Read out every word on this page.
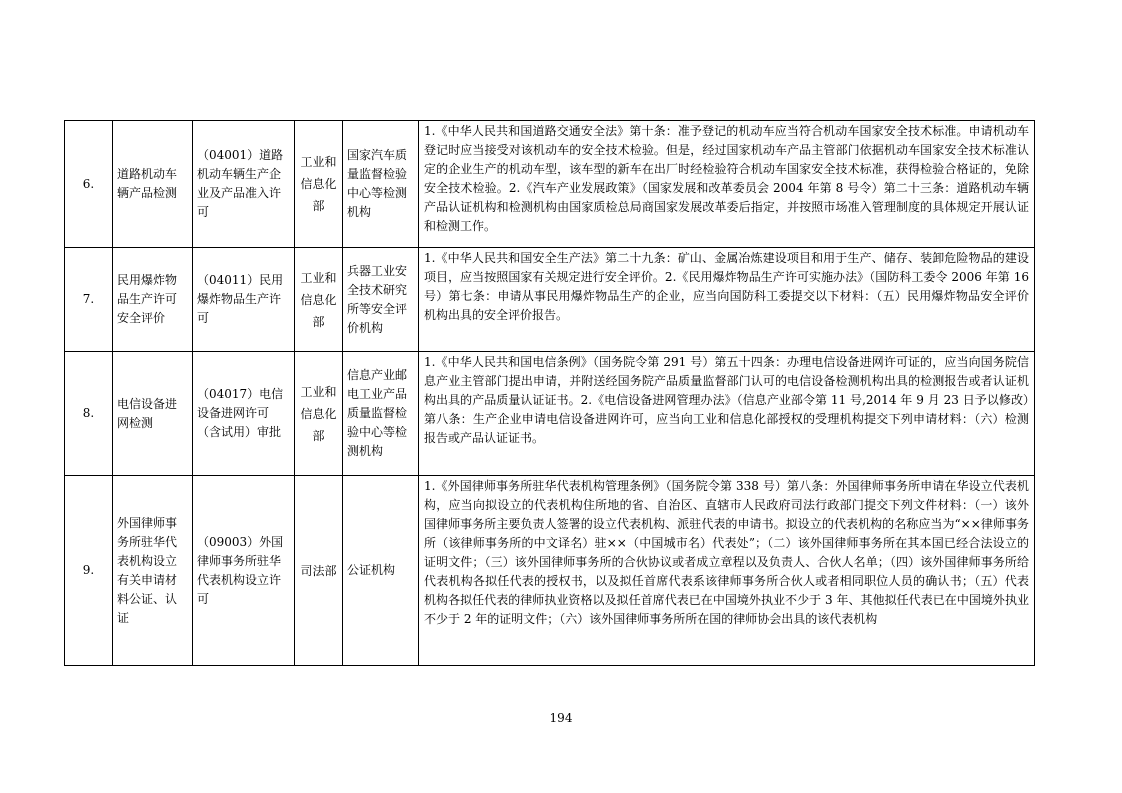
6.	道路机动车辆产品检测	（04001）道路机动车辆生产企业及产品准入许可	工业和信息化部	国家汽车质量监督检验中心等检测机构	1.《中华人民共和国道路交通安全法》第十条：准予登记的机动车应当符合机动车国家安全技术标准。申请机动车登记时应当接受对该机动车的安全技术检验。但是，经过国家机动车产品主管部门依据机动车国家安全技术标准认定的企业生产的机动车型，该车型的新车在出厂时经检验符合机动车国家安全技术标准，获得检验合格证的，免除安全技术检验。2.《汽车产业发展政策》（国家发展和改革委员会 2004 年第 8 号令）第二十三条：道路机动车辆产品认证机构和检测机构由国家质检总局商国家发展改革委后指定，并按照市场准入管理制度的具体规定开展认证和检测工作。
7.	民用爆炸物品生产许可安全评价	（04011）民用爆炸物品生产许可	工业和信息化部	兵器工业安全技术研究所等安全评价机构	1.《中华人民共和国安全生产法》第二十九条：矿山、金属冶炼建设项目和用于生产、储存、装卸危险物品的建设项目，应当按照国家有关规定进行安全评价。2.《民用爆炸物品生产许可实施办法》（国防科工委令 2006 年第 16 号）第七条：申请从事民用爆炸物品生产的企业，应当向国防科工委提交以下材料：（五）民用爆炸物品安全评价机构出具的安全评价报告。
8.	电信设备进网检测	（04017）电信设备进网许可（含试用）审批	工业和信息化部	信息产业邮电工业产品质量监督检验中心等检测机构	1.《中华人民共和国电信条例》（国务院令第 291 号）第五十四条：办理电信设备进网许可证的，应当向国务院信息产业主管部门提出申请，并附送经国务院产品质量监督部门认可的电信设备检测机构出具的检测报告或者认证机构出具的产品质量认证证书。2.《电信设备进网管理办法》（信息产业部令第 11 号,2014 年 9 月 23 日予以修改）第八条：生产企业申请电信设备进网许可，应当向工业和信息化部授权的受理机构提交下列申请材料：（六）检测报告或产品认证证书。
9.	外国律师事务所驻华代表机构设立有关申请材料公证、认证	（09003）外国律师事务所驻华代表机构设立许可	司法部	公证机构	1.《外国律师事务所驻华代表机构管理条例》（国务院令第 338 号）第八条：外国律师事务所申请在华设立代表机构，应当向拟设立的代表机构住所地的省、自治区、直辖市人民政府司法行政部门提交下列文件材料：（一）该外国律师事务所主要负责人签署的设立代表机构、派驻代表的申请书。拟设立的代表机构的名称应当为“××律师事务所（该律师事务所的中文译名）驻××（中国城市名）代表处”；（二）该外国律师事务所在其本国已经合法设立的证明文件；（三）该外国律师事务所的合伙协议或者成立章程以及负责人、合伙人名单；（四）该外国律师事务所给代表机构各拟任代表的授权书，以及拟任首席代表系该律师事务所合伙人或者相同职位人员的确认书；（五）代表机构各拟任代表的律师执业资格以及拟任首席代表已在中国境外执业不少于 3 年、其他拟任代表已在中国境外执业不少于 2 年的证明文件；（六）该外国律师事务所所在国的律师协会出具的该代表机构
194
